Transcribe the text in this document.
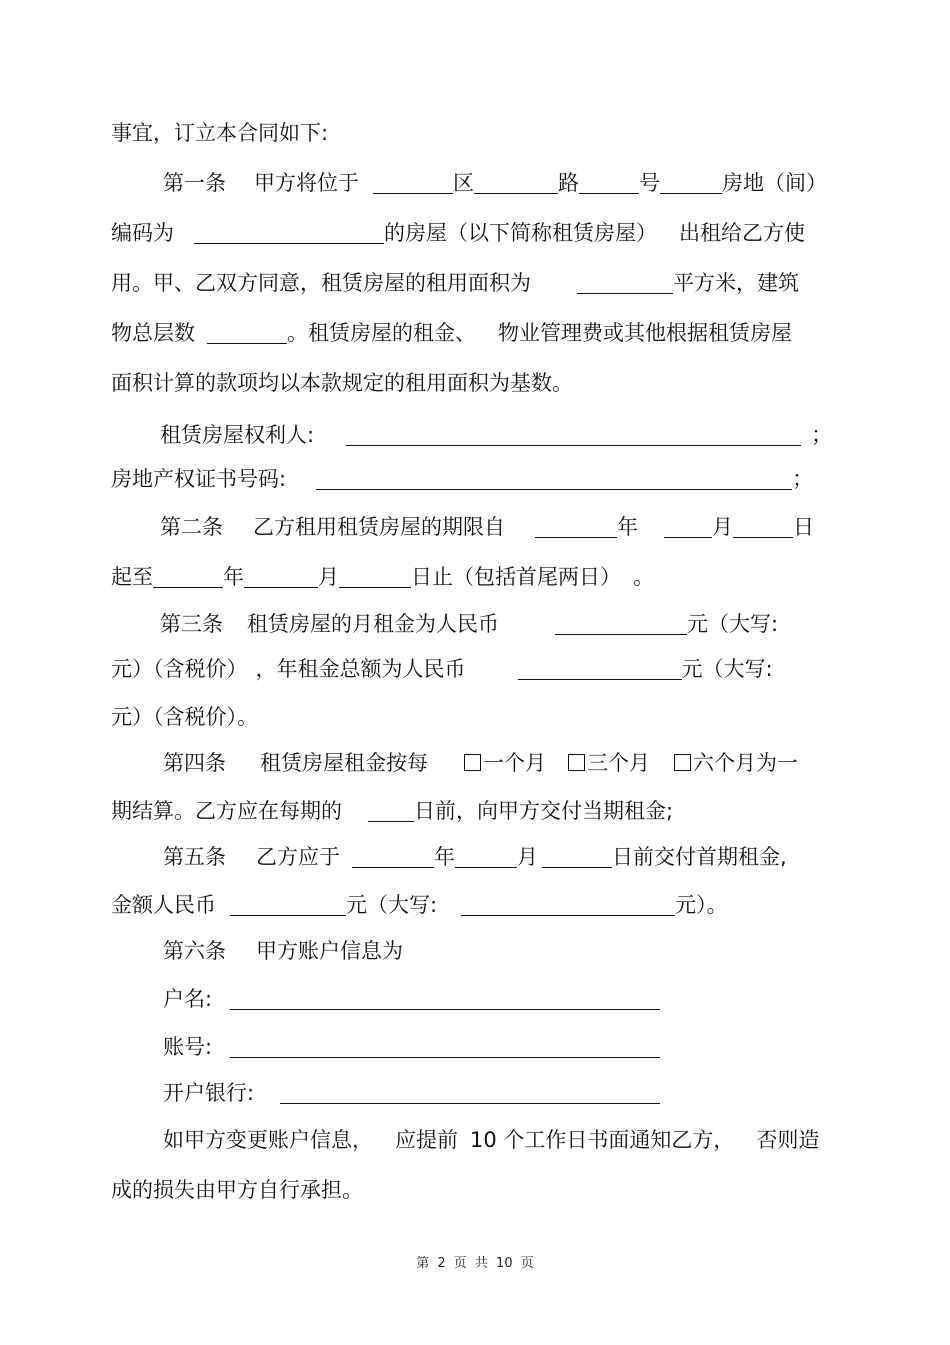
事宜，订立本合同如下:
第一条 甲方将位于	区	路	号	房地（间）
编码为	的房屋（以下简称租赁房屋） 出租给乙方使
用。甲、乙双方同意，租赁房屋的租用面积为	平方米，建筑
物总层数	。租赁房屋的租金、 物业管理费或其他根据租赁房屋
面积计算的款项均以本款规定的租用面积为基数。
租赁房屋权利人:	；
房地产权证书号码:	；
第二条 乙方租用租赁房屋的期限自	年	月	日
起至	年	月	日止（包括首尾两日） 。
第三条 租赁房屋的月租金为人民币	元（大写:
元）（含税价） ，年租金总额为人民币	元（大写:
元）（含税价）。
第四条 租赁房屋租金按每	一个月 三个月 六个月为一
期结算。乙方应在每期的	日前，向甲方交付当期租金;
第五条 乙方应于	年	月	日前交付首期租金,
金额人民币	元（大写:	元）。
第六条 甲方账户信息为
户名:
账号:
开户银行:
如甲方变更账户信息， 应提前 10 个工作日书面通知乙方， 否则造
成的损失由甲方自行承担。
第 2 页 共 10 页
